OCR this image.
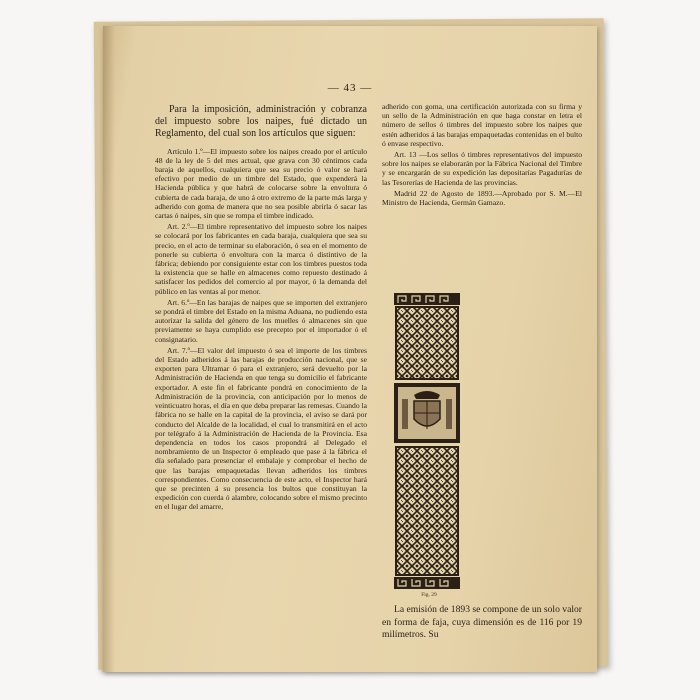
— 43 —

Para la imposición, administración y cobranza del impuesto sobre los naipes, fué dictado un Reglamento, del cual son los artículos que siguen:

Artículo 1.º—El impuesto sobre los naipes creado por el artículo 48 de la ley de 5 del mes actual, que grava con 30 céntimos cada baraja de aquellos, cualquiera que sea su precio ó valor se hará efectivo por medio de un timbre del Estado, que expenderá la Hacienda pública y que habrá de colocarse sobre la envoltura ó cubierta de cada baraja, de uno á otro extremo de la parte más larga y adherido con goma de manera que no sea posible abrirla ó sacar las cartas ó naipes, sin que se rompa el timbre indicado.

Art. 2.º—El timbre representativo del impuesto sobre los naipes se colocará por los fabricantes en cada baraja, cualquiera que sea su precio, en el acto de terminar su elaboración, ó sea en el momento de ponerle su cubierta ó envoltura con la marca ó distintivo de la fábrica; debiendo por consiguiente estar con los timbres puestos toda la existencia que se halle en almacenes como repuesto destinado á satisfacer los pedidos del comercio al por mayor, ó la demanda del público en las ventas al por menor.

Art. 6.º—En las barajas de naipes que se importen del extranjero se pondrá el timbre del Estado en la misma Aduana, no pudiendo esta autorizar la salida del género de los muelles ó almacenes sin que previamente se haya cumplido ese precepto por el importador ó el consignatario.

Art. 7.º—El valor del impuesto ó sea el importe de los timbres del Estado adheridos á las barajas de producción nacional, que se exporten para Ultramar ó para el extranjero, será devuelto por la Administración de Hacienda en que tenga su domicilio el fabricante exportador. A este fin el fabricante pondrá en conocimiento de la Administración de la provincia, con anticipación por lo menos de veinticuatro horas, el día en que deba preparar las remesas. Cuando la fábrica no se halle en la capital de la provincia, el aviso se dará por conducto del Alcalde de la localidad, el cual lo transmitirá en el acto por telégrafo á la Administración de Hacienda de la Provincia. Esa dependencia en todos los casos propondrá al Delegado el nombramiento de un Inspector ó empleado que pase á la fábrica el día señalado para presenciar el embalaje y comprobar el hecho de que las barajas empaquetadas llevan adheridos los timbres correspondientes. Como consecuencia de este acto, el Inspector hará que se precinten á su presencia los bultos que constituyan la expedición con cuerda ó alambre, colocando sobre el mismo precinto en el lugar del amarre,

adherido con goma, una certificación autorizada con su firma y un sello de la Administración en que haga constar en letra el número de sellos ó timbres del impuesto sobre los naipes que estén adheridos á las barajas empaquetadas contenidas en el bulto ó envase respectivo.

Art. 13 —Los sellos ó timbres representativos del impuesto sobre los naipes se elaborarán por la Fábrica Nacional del Timbre y se encargarán de su expedición las depositarías Pagadurías de las Tesorerías de Hacienda de las provincias.

Madrid 22 de Agosto de 1893.—Aprobado por S. M.—El Ministro de Hacienda, Germán Gamazo.

Fig. 29

La emisión de 1893 se compone de un solo valor en forma de faja, cuya dimensión es de 116 por 19 milímetros. Su
